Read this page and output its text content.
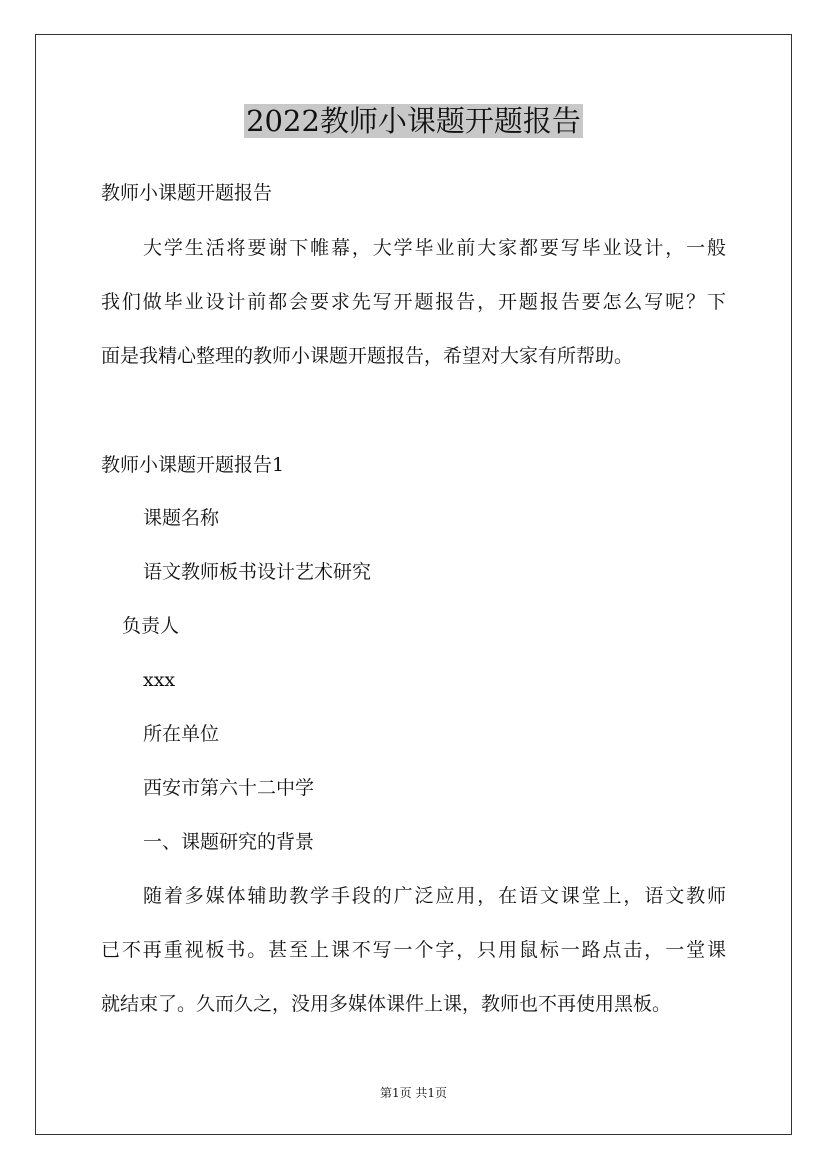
2022教师小课题开题报告
教师小课题开题报告
大学生活将要谢下帷幕，大学毕业前大家都要写毕业设计，一般
我们做毕业设计前都会要求先写开题报告，开题报告要怎么写呢？下
面是我精心整理的教师小课题开题报告，希望对大家有所帮助。
教师小课题开题报告1
课题名称
语文教师板书设计艺术研究
负责人
xxx
所在单位
西安市第六十二中学
一、课题研究的背景
随着多媒体辅助教学手段的广泛应用，在语文课堂上，语文教师
已不再重视板书。甚至上课不写一个字，只用鼠标一路点击，一堂课
就结束了。久而久之，没用多媒体课件上课，教师也不再使用黑板。
第1页 共1页
